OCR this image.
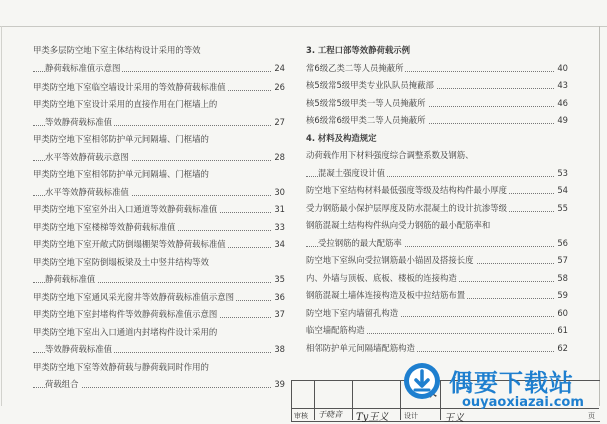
甲类多层防空地下室主体结构设计采用的等效
静荷载标准值示意图	24
甲类防空地下室临空墙设计采用的等效静荷载标准值	26
甲类防空地下室设计采用的直接作用在门框墙上的
等效静荷载标准值	27
甲类防空地下室相邻防护单元间隔墙、门框墙的
水平等效静荷载示意图	28
甲类防空地下室相邻防护单元间隔墙、门框墙的
水平等效静荷载标准值	30
甲类防空地下室室外出入口通道等效静荷载标准值	31
甲类防空地下室楼梯等效静荷载标准值	33
甲类防空地下室开敞式防倒塌棚架等效静荷载标准值	34
甲类防空地下室防倒塌板梁及土中竖井结构等效
静荷载标准值	35
甲类防空地下室通风采光窗井等效静荷载标准值示意图	36
甲类防空地下室封堵构件等效静荷载标准值示意图	37
甲类防空地下室出入口通道内封堵构件设计采用的
等效静荷载标准值	38
甲类防空地下室等效静荷载与静荷载同时作用的
荷载组合	39
3. 工程口部等效静荷载示例
常6级乙类二等人员掩蔽所	40
核5级常5级甲类专业队队员掩蔽部	43
核5级常5级甲类一等人员掩蔽所	46
核6级常6级甲类二等人员掩蔽所	49
4. 材料及构造规定
动荷载作用下材料强度综合调整系数及钢筋、
混凝土强度设计值	53
防空地下室结构材料最低强度等级及结构构件最小厚度	54
受力钢筋最小保护层厚度及防水混凝土的设计抗渗等级	55
钢筋混凝土结构构件纵向受力钢筋的最小配筋率和
受拉钢筋的最大配筋率	56
防空地下室纵向受拉钢筋最小锚固及搭接长度	57
内、外墙与顶板、底板、楼板的连接构造	58
钢筋混凝土墙体连接构造及板中拉结筋布置	59
防空地下室内墙留孔构造	60
临空墙配筋构造	61
相邻防护单元间隔墙配筋构造	62
审核 于晓音 Ty王义 设计	王义	页
偶要下载站
ouyaoxiazai.com
